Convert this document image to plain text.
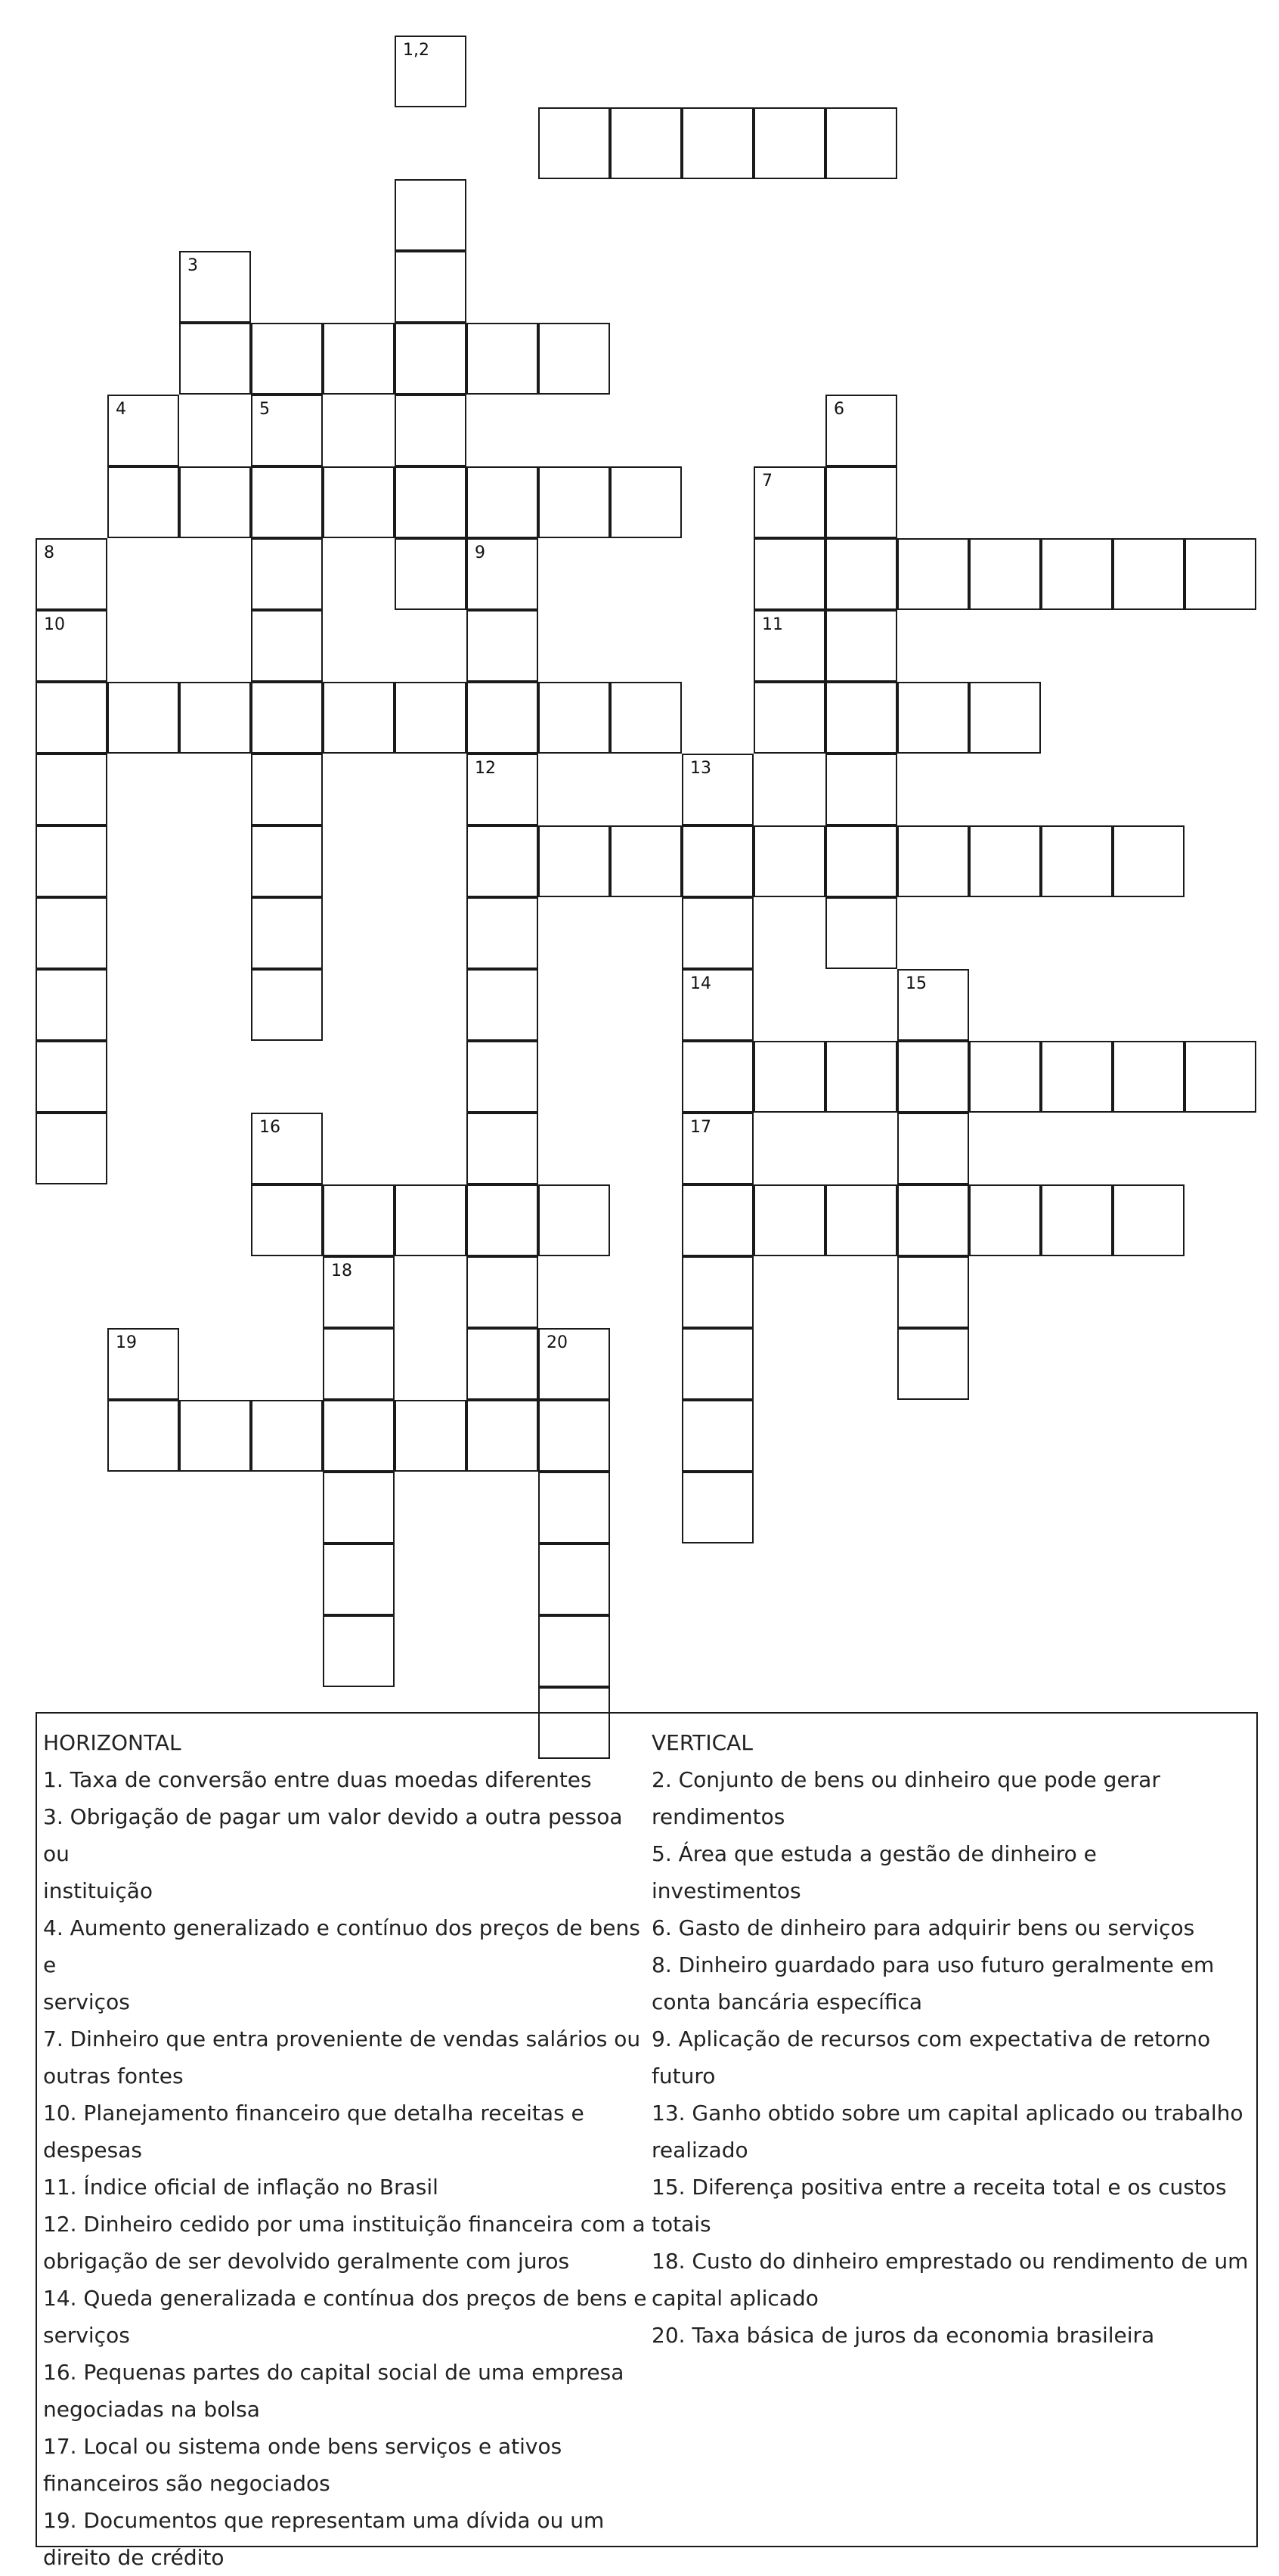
10
12
14
17
1,2
3
4	5	6
7
8	9
11
13
15
16
18
19	20
HORIZONTAL
1. Taxa de conversão entre duas moedas diferentes
3. Obrigação de pagar um valor devido a outra pessoa ou
instituição
4. Aumento generalizado e contínuo dos preços de bens e
serviços
7. Dinheiro que entra proveniente de vendas salários ou
outras fontes
10. Planejamento financeiro que detalha receitas e
despesas
11. Índice oficial de inflação no Brasil
12. Dinheiro cedido por uma instituição financeira com a
obrigação de ser devolvido geralmente com juros
14. Queda generalizada e contínua dos preços de bens e
serviços
16. Pequenas partes do capital social de uma empresa
negociadas na bolsa
17. Local ou sistema onde bens serviços e ativos
financeiros são negociados
19. Documentos que representam uma dívida ou um
direito de crédito
VERTICAL
2. Conjunto de bens ou dinheiro que pode gerar
rendimentos
5. Área que estuda a gestão de dinheiro e investimentos
6. Gasto de dinheiro para adquirir bens ou serviços
8. Dinheiro guardado para uso futuro geralmente em
conta bancária específica
9. Aplicação de recursos com expectativa de retorno
futuro
13. Ganho obtido sobre um capital aplicado ou trabalho
realizado
15. Diferença positiva entre a receita total e os custos
totais
18. Custo do dinheiro emprestado ou rendimento de um
capital aplicado
20. Taxa básica de juros da economia brasileira
